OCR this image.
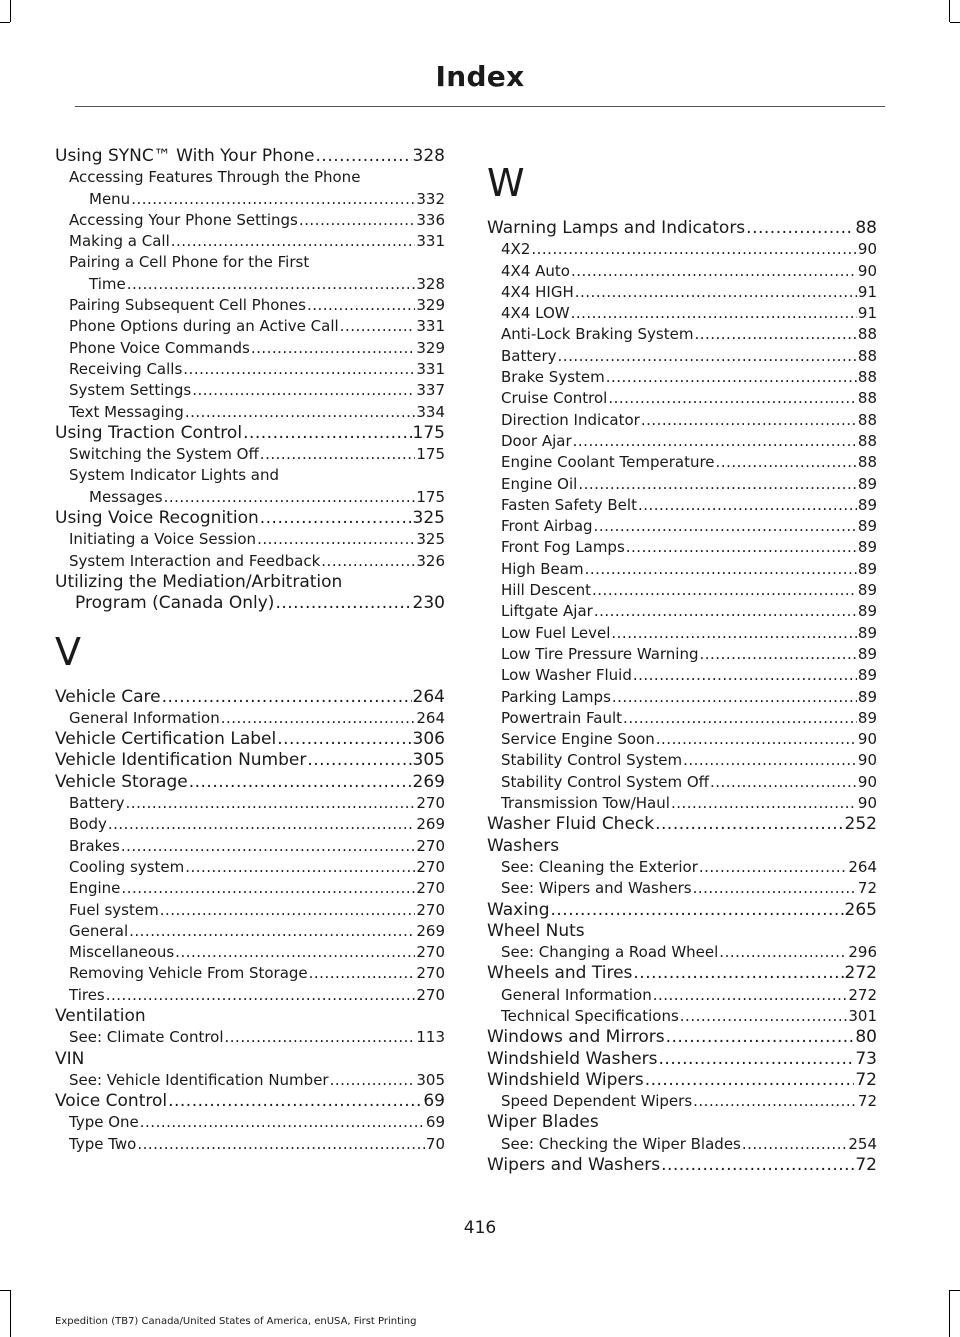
Index
Using SYNC™ With Your Phone .....	328
Accessing Features Through the Phone
Menu .....	332
Accessing Your Phone Settings .....	336
Making a Call .....	331
Pairing a Cell Phone for the First
Time .....	328
Pairing Subsequent Cell Phones .....	329
Phone Options during an Active Call .....	331
Phone Voice Commands .....	329
Receiving Calls .....	331
System Settings .....	337
Text Messaging .....	334
Using Traction Control .....	175
Switching the System Off .....	175
System Indicator Lights and
Messages .....	175
Using Voice Recognition .....	325
Initiating a Voice Session .....	325
System Interaction and Feedback .....	326
Utilizing the Mediation/Arbitration
Program (Canada Only) .....	230
V
Vehicle Care .....	264
General Information .....	264
Vehicle Certification Label .....	306
Vehicle Identification Number .....	305
Vehicle Storage .....	269
Battery .....	270
Body .....	269
Brakes .....	270
Cooling system .....	270
Engine .....	270
Fuel system .....	270
General .....	269
Miscellaneous .....	270
Removing Vehicle From Storage .....	270
Tires .....	270
Ventilation
See: Climate Control .....	113
VIN
See: Vehicle Identification Number .....	305
Voice Control .....	69
Type One .....	69
Type Two .....	70
W
Warning Lamps and Indicators .....	88
4X2 .....	90
4X4 Auto .....	90
4X4 HIGH .....	91
4X4 LOW .....	91
Anti-Lock Braking System .....	88
Battery .....	88
Brake System .....	88
Cruise Control .....	88
Direction Indicator .....	88
Door Ajar .....	88
Engine Coolant Temperature .....	88
Engine Oil .....	89
Fasten Safety Belt .....	89
Front Airbag .....	89
Front Fog Lamps .....	89
High Beam .....	89
Hill Descent .....	89
Liftgate Ajar .....	89
Low Fuel Level .....	89
Low Tire Pressure Warning .....	89
Low Washer Fluid .....	89
Parking Lamps .....	89
Powertrain Fault .....	89
Service Engine Soon .....	90
Stability Control System .....	90
Stability Control System Off .....	90
Transmission Tow/Haul .....	90
Washer Fluid Check .....	252
Washers
See: Cleaning the Exterior .....	264
See: Wipers and Washers .....	72
Waxing .....	265
Wheel Nuts
See: Changing a Road Wheel .....	296
Wheels and Tires .....	272
General Information .....	272
Technical Specifications .....	301
Windows and Mirrors .....	80
Windshield Washers .....	73
Windshield Wipers .....	72
Speed Dependent Wipers .....	72
Wiper Blades
See: Checking the Wiper Blades .....	254
Wipers and Washers .....	72
416
Expedition (TB7) Canada/United States of America, enUSA, First Printing
